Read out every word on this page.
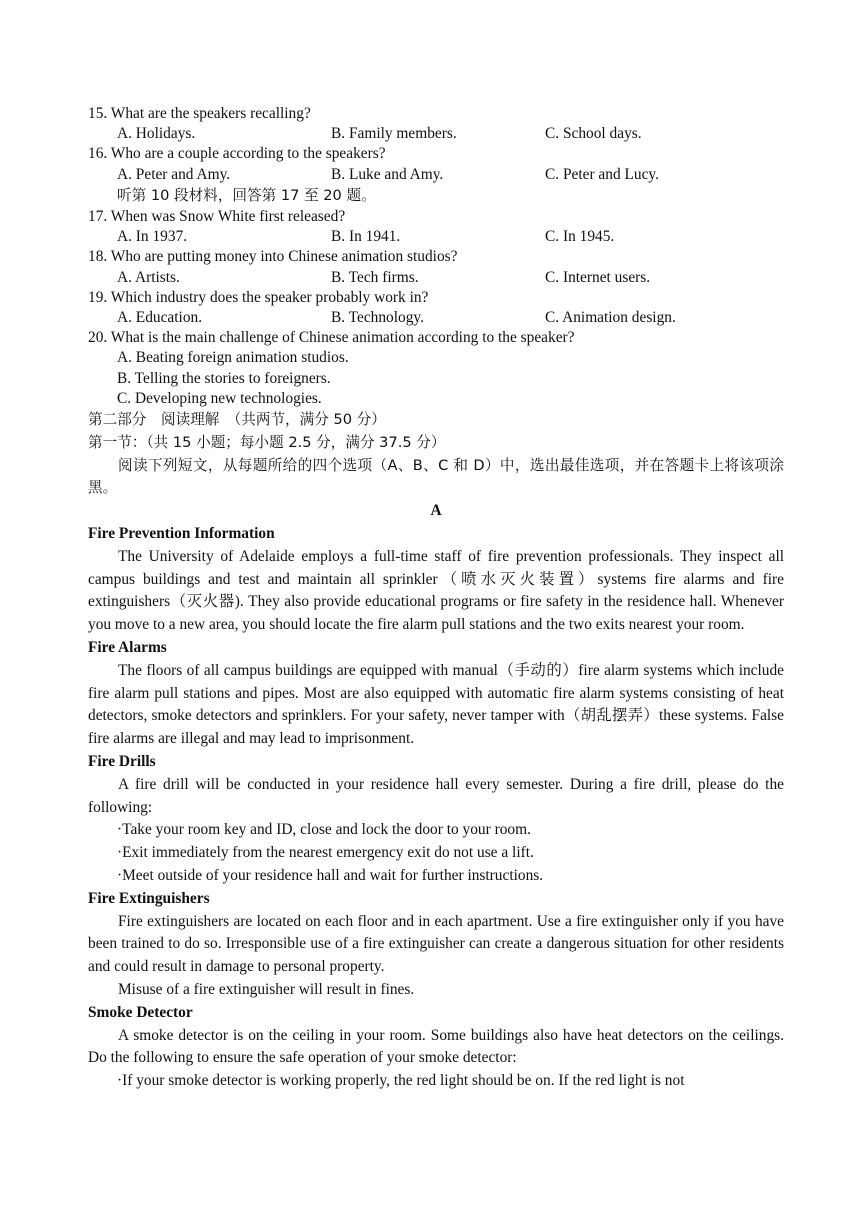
15. What are the speakers recalling?

A. Holidays.	B. Family members.	C. School days.

16. Who are a couple according to the speakers?

A. Peter and Amy.	B. Luke and Amy.	C. Peter and Lucy.

听第 10 段材料，回答第 17 至 20 题。

17. When was Snow White first released?

A. In 1937.	B. In 1941.	C. In 1945.

18. Who are putting money into Chinese animation studios?

A. Artists.	B. Tech firms.	C. Internet users.

19. Which industry does the speaker probably work in?

A. Education.	B. Technology.	C. Animation design.

20. What is the main challenge of Chinese animation according to the speaker?

A. Beating foreign animation studios.

B. Telling the stories to foreigners.

C. Developing new technologies.

第二部分　阅读理解　（共两节，满分 50 分）

第一节：（共 15 小题；每小题 2.5 分，满分 37.5 分）

阅读下列短文，从每题所给的四个选项（A、B、C 和 D）中，选出最佳选项，并在答题卡上将该项涂黑。

A

Fire Prevention Information

The University of Adelaide employs a full-time staff of fire prevention professionals. They inspect all campus buildings and test and maintain all sprinkler（喷水灭火装置）systems fire alarms and fire extinguishers（灭火器). They also provide educational programs or fire safety in the residence hall. Whenever you move to a new area, you should locate the fire alarm pull stations and the two exits nearest your room.

Fire Alarms

The floors of all campus buildings are equipped with manual（手动的）fire alarm systems which include fire alarm pull stations and pipes. Most are also equipped with automatic fire alarm systems consisting of heat detectors, smoke detectors and sprinklers. For your safety, never tamper with（胡乱摆弄）these systems. False fire alarms are illegal and may lead to imprisonment.

Fire Drills

A fire drill will be conducted in your residence hall every semester. During a fire drill, please do the following:

·Take your room key and ID, close and lock the door to your room.

·Exit immediately from the nearest emergency exit do not use a lift.

·Meet outside of your residence hall and wait for further instructions.

Fire Extinguishers

Fire extinguishers are located on each floor and in each apartment. Use a fire extinguisher only if you have been trained to do so. Irresponsible use of a fire extinguisher can create a dangerous situation for other residents and could result in damage to personal property.

Misuse of a fire extinguisher will result in fines.

Smoke Detector

A smoke detector is on the ceiling in your room. Some buildings also have heat detectors on the ceilings. Do the following to ensure the safe operation of your smoke detector:

·If your smoke detector is working properly, the red light should be on. If the red light is not
